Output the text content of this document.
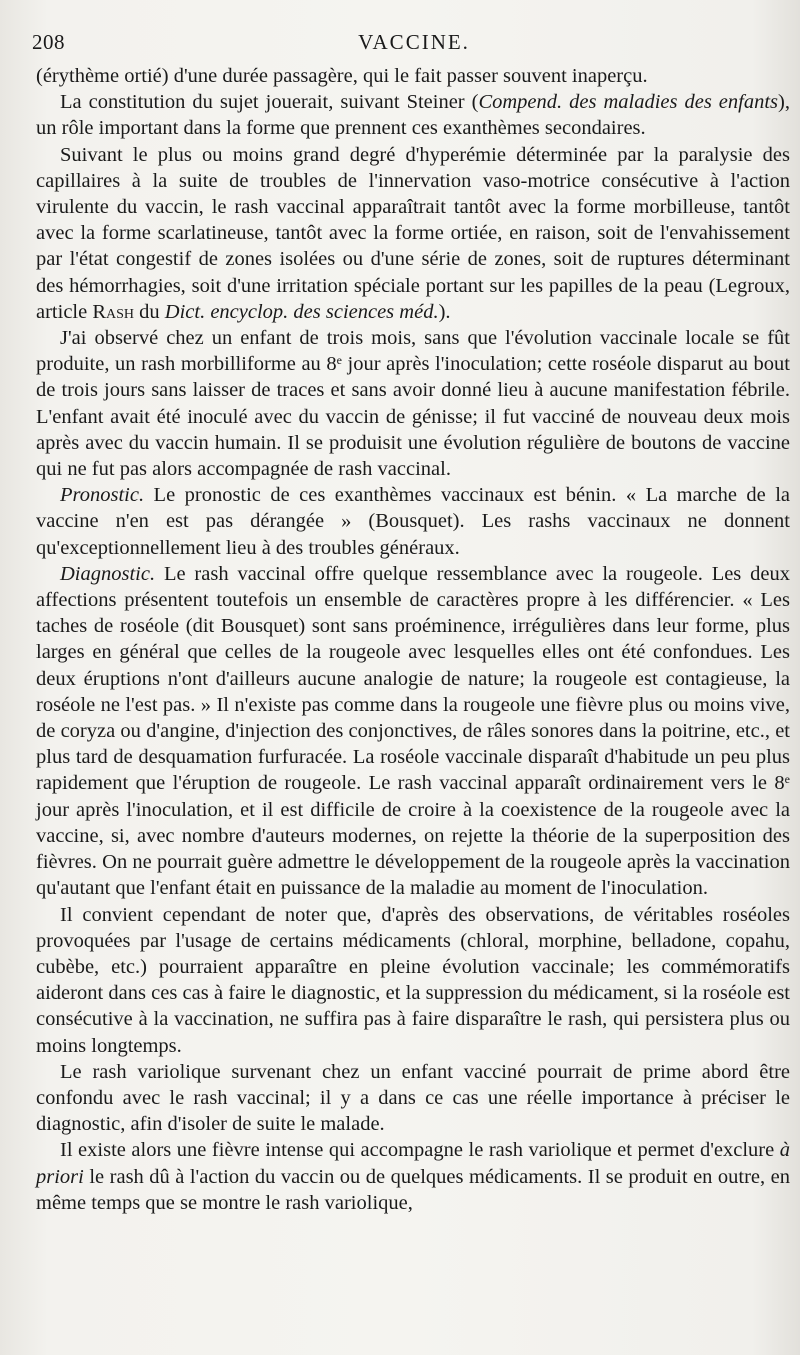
208	VACCINE.

(érythème ortié) d'une durée passagère, qui le fait passer souvent inaperçu.

La constitution du sujet jouerait, suivant Steiner (Compend. des maladies des enfants), un rôle important dans la forme que prennent ces exanthèmes secondaires.

Suivant le plus ou moins grand degré d'hyperémie déterminée par la paralysie des capillaires à la suite de troubles de l'innervation vaso-motrice consécutive à l'action virulente du vaccin, le rash vaccinal apparaîtrait tantôt avec la forme morbilleuse, tantôt avec la forme scarlatineuse, tantôt avec la forme ortiée, en raison, soit de l'envahissement par l'état congestif de zones isolées ou d'une série de zones, soit de ruptures déterminant des hémorrhagies, soit d'une irritation spéciale portant sur les papilles de la peau (Legroux, article Rash du Dict. encyclop. des sciences méd.).

J'ai observé chez un enfant de trois mois, sans que l'évolution vaccinale locale se fût produite, un rash morbilliforme au 8e jour après l'inoculation; cette roséole disparut au bout de trois jours sans laisser de traces et sans avoir donné lieu à aucune manifestation fébrile. L'enfant avait été inoculé avec du vaccin de génisse; il fut vacciné de nouveau deux mois après avec du vaccin humain. Il se produisit une évolution régulière de boutons de vaccine qui ne fut pas alors accompagnée de rash vaccinal.

Pronostic. Le pronostic de ces exanthèmes vaccinaux est bénin. « La marche de la vaccine n'en est pas dérangée » (Bousquet). Les rashs vaccinaux ne donnent qu'exceptionnellement lieu à des troubles généraux.

Diagnostic. Le rash vaccinal offre quelque ressemblance avec la rougeole. Les deux affections présentent toutefois un ensemble de caractères propre à les différencier. « Les taches de roséole (dit Bousquet) sont sans proéminence, irrégulières dans leur forme, plus larges en général que celles de la rougeole avec lesquelles elles ont été confondues. Les deux éruptions n'ont d'ailleurs aucune analogie de nature; la rougeole est contagieuse, la roséole ne l'est pas. » Il n'existe pas comme dans la rougeole une fièvre plus ou moins vive, de coryza ou d'angine, d'injection des conjonctives, de râles sonores dans la poitrine, etc., et plus tard de desquamation furfuracée. La roséole vaccinale disparaît d'habitude un peu plus rapidement que l'éruption de rougeole. Le rash vaccinal apparaît ordinairement vers le 8e jour après l'inoculation, et il est difficile de croire à la coexistence de la rougeole avec la vaccine, si, avec nombre d'auteurs modernes, on rejette la théorie de la superposition des fièvres. On ne pourrait guère admettre le développement de la rougeole après la vaccination qu'autant que l'enfant était en puissance de la maladie au moment de l'inoculation.

Il convient cependant de noter que, d'après des observations, de véritables roséoles provoquées par l'usage de certains médicaments (chloral, morphine, belladone, copahu, cubèbe, etc.) pourraient apparaître en pleine évolution vaccinale; les commémoratifs aideront dans ces cas à faire le diagnostic, et la suppression du médicament, si la roséole est consécutive à la vaccination, ne suffira pas à faire disparaître le rash, qui persistera plus ou moins longtemps.

Le rash variolique survenant chez un enfant vacciné pourrait de prime abord être confondu avec le rash vaccinal; il y a dans ce cas une réelle importance à préciser le diagnostic, afin d'isoler de suite le malade.

Il existe alors une fièvre intense qui accompagne le rash variolique et permet d'exclure à priori le rash dû à l'action du vaccin ou de quelques médicaments. Il se produit en outre, en même temps que se montre le rash variolique,
